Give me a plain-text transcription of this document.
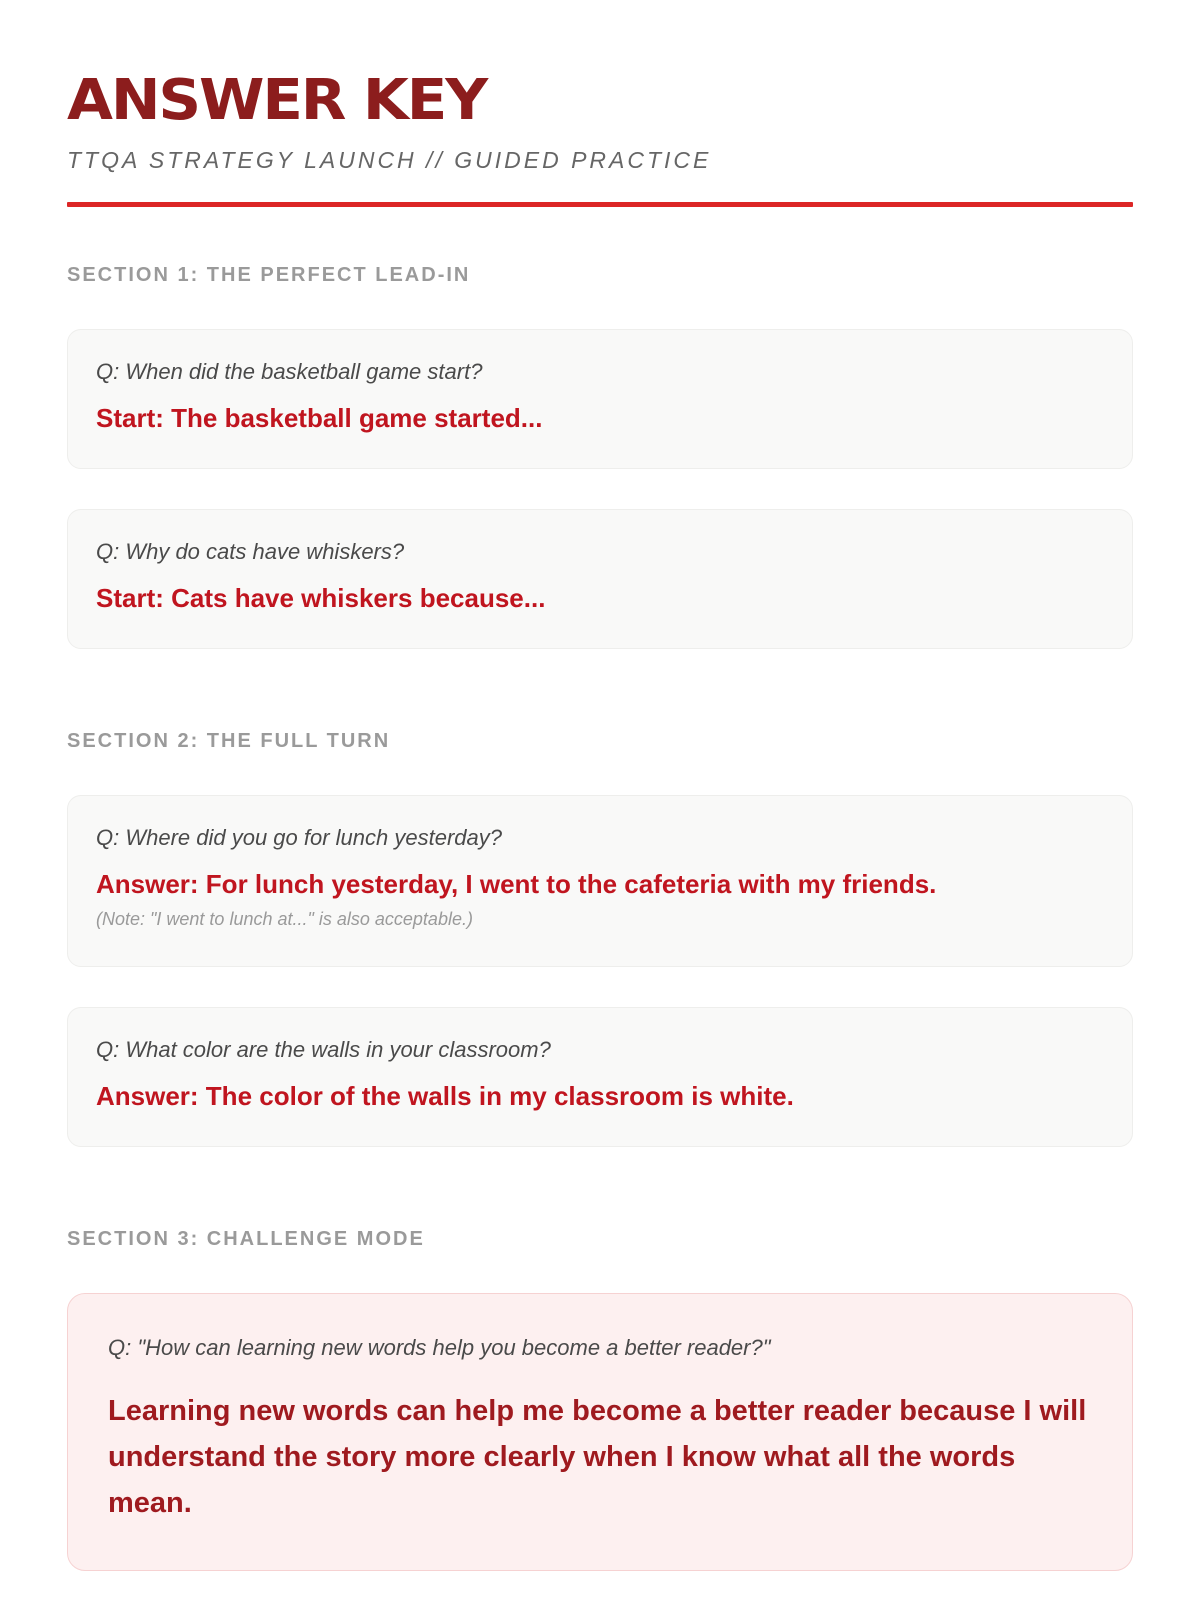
ANSWER KEY
TTQA STRATEGY LAUNCH // GUIDED PRACTICE
SECTION 1: THE PERFECT LEAD-IN
Q: When did the basketball game start?
Start: The basketball game started...
Q: Why do cats have whiskers?
Start: Cats have whiskers because...
SECTION 2: THE FULL TURN
Q: Where did you go for lunch yesterday?
Answer: For lunch yesterday, I went to the cafeteria with my friends.
(Note: "I went to lunch at..." is also acceptable.)
Q: What color are the walls in your classroom?
Answer: The color of the walls in my classroom is white.
SECTION 3: CHALLENGE MODE
Q: "How can learning new words help you become a better reader?"
Learning new words can help me become a better reader because I will understand the story more clearly when I know what all the words mean.
